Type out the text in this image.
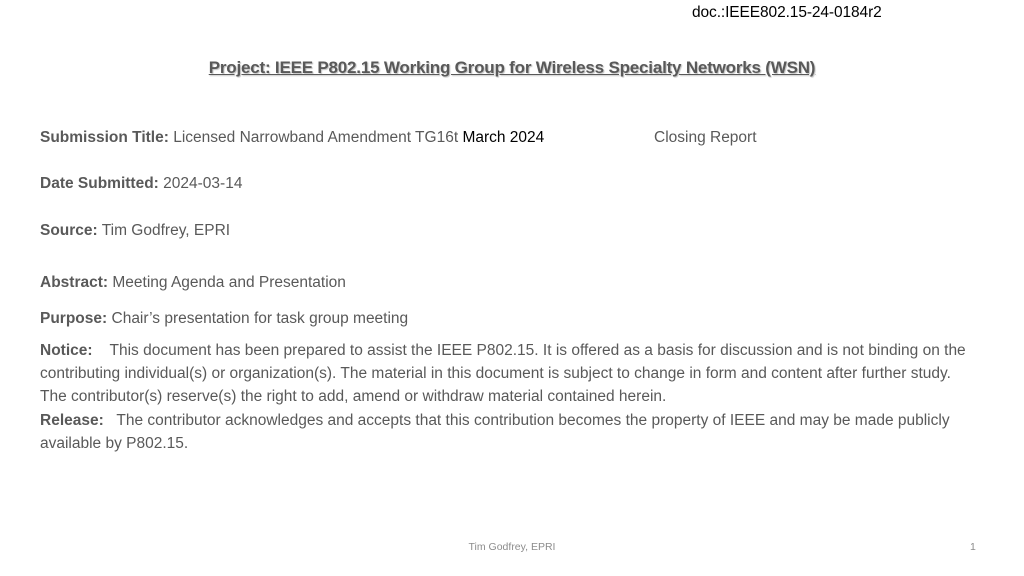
doc.:IEEE802.15-24-0184r2
Project: IEEE P802.15 Working Group for Wireless Specialty Networks (WSN)
Submission Title: Licensed Narrowband Amendment TG16t March 2024	Closing Report
Date Submitted: 2024-03-14
Source: Tim Godfrey, EPRI
Abstract: Meeting Agenda and Presentation
Purpose: Chair’s presentation for task group meeting

Notice: This document has been prepared to assist the IEEE P802.15. It is offered as a basis for discussion and is not binding on the contributing individual(s) or organization(s). The material in this document is subject to change in form and content after further study. The contributor(s) reserve(s) the right to add, amend or withdraw material contained herein.

Release: The contributor acknowledges and accepts that this contribution becomes the property of IEEE and may be made publicly available by P802.15.

Tim Godfrey, EPRI	1
